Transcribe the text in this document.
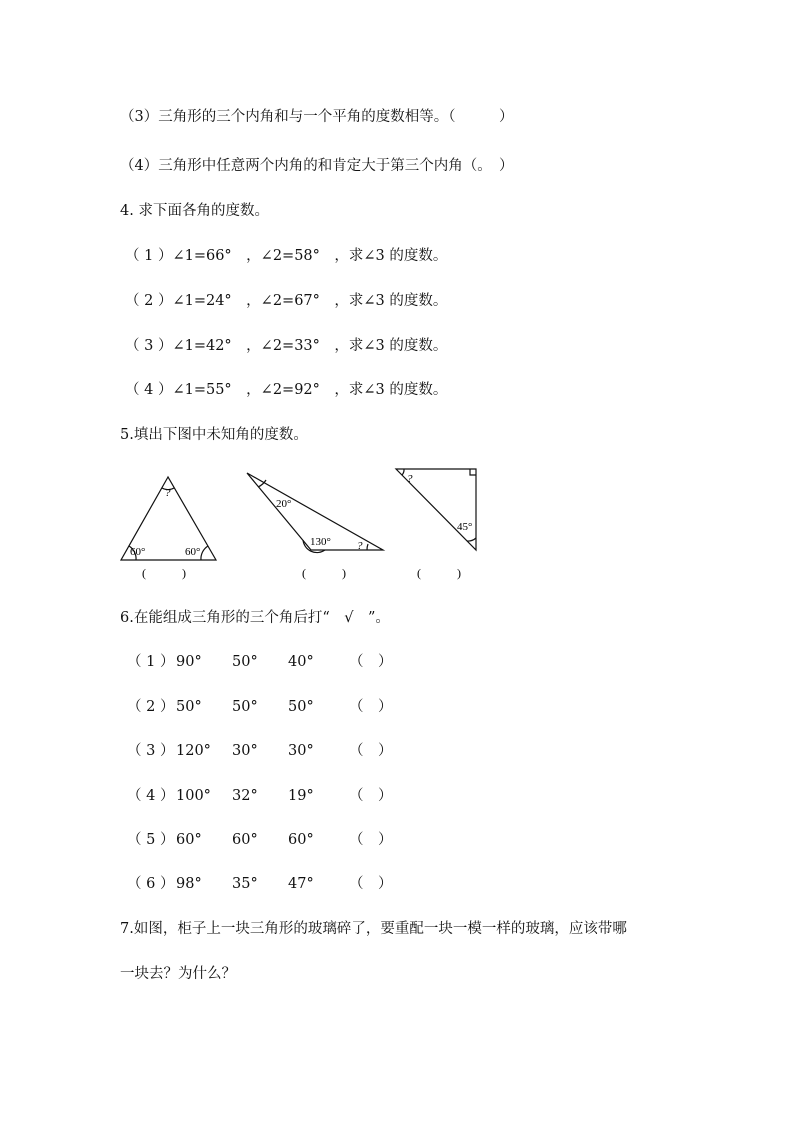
（3）三角形的三个内角和与一个平角的度数相等。（　　　）
（4）三角形中任意两个内角的和肯定大于第三个内角（。　）
4. 求下面各角的度数。
（ 1 ）∠1=66°　，∠2=58°　，求∠3 的度数。
（ 2 ）∠1=24°　，∠2=67°　，求∠3 的度数。
（ 3 ）∠1=42°　，∠2=33°　，求∠3 的度数。
（ 4 ）∠1=55°　，∠2=92°　，求∠3 的度数。
5.填出下图中未知角的度数。
?
60°	60°
(　　　)
20°
130° ?
(　　　)
?
45°
(　　　)
6.在能组成三角形的三个角后打“　√　”。

（ 1 ）

90°

50°

40°

（　）

（ 2 ）

50°

50°

50°

（　）

（ 3 ）

120°

30°

30°

（　）

（ 4 ）

100°

32°

19°

（　）

（ 5 ）

60°

60°

60°

（　）

（ 6 ）

98°

35°

47°

（　）

7.如图，柜子上一块三角形的玻璃碎了，要重配一块一模一样的玻璃，应该带哪
一块去？为什么？
